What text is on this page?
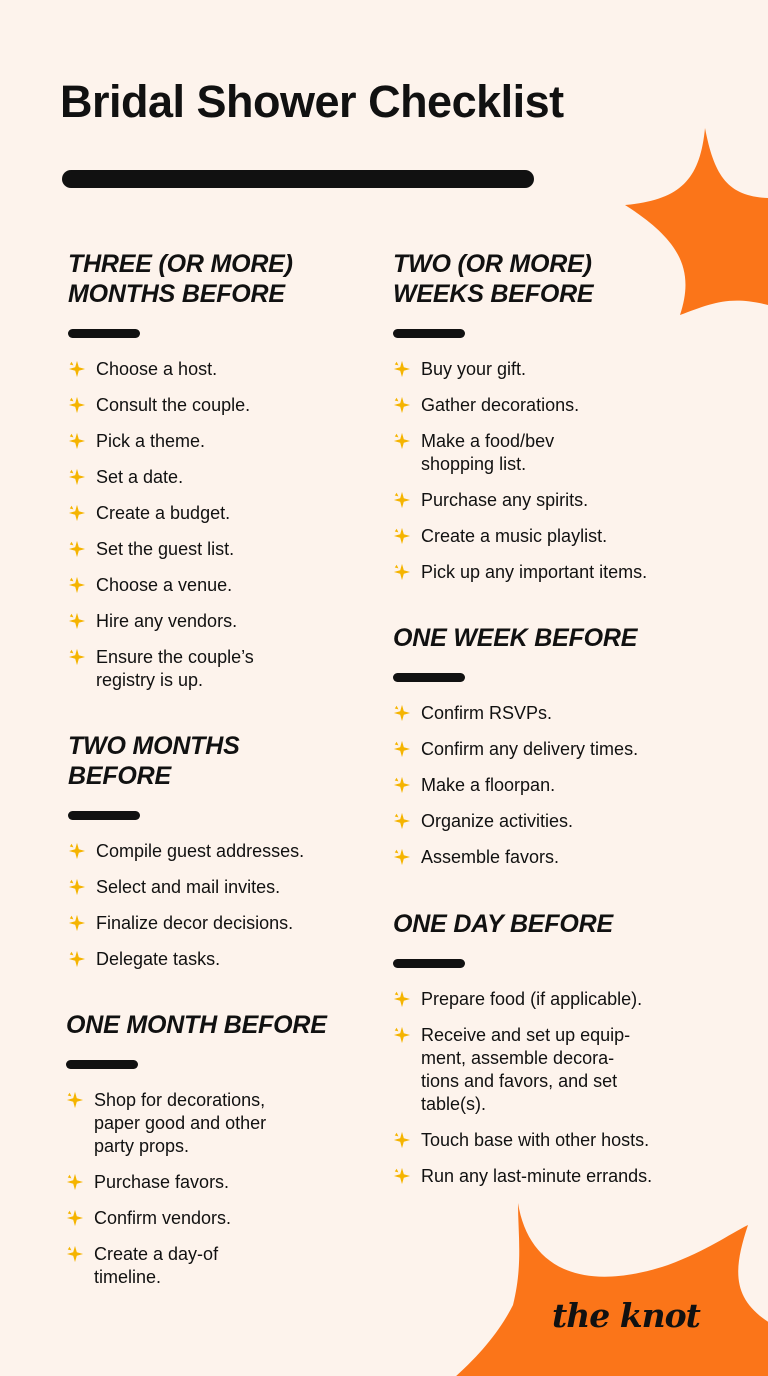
Bridal Shower Checklist
THREE (OR MORE)
MONTHS BEFORE
Choose a host.
Consult the couple.
Pick a theme.
Set a date.
Create a budget.
Set the guest list.
Choose a venue.
Hire any vendors.
Ensure the couple’s
registry is up.
TWO MONTHS
BEFORE
Compile guest addresses.
Select and mail invites.
Finalize decor decisions.
Delegate tasks.
ONE MONTH BEFORE
Shop for decorations,
paper good and other
party props.
Purchase favors.
Confirm vendors.
Create a day-of
timeline.
TWO (OR MORE)
WEEKS BEFORE
Buy your gift.
Gather decorations.
Make a food/bev
shopping list.
Purchase any spirits.
Create a music playlist.
Pick up any important items.
ONE WEEK BEFORE
Confirm RSVPs.
Confirm any delivery times.
Make a floorpan.
Organize activities.
Assemble favors.
ONE DAY BEFORE
Prepare food (if applicable).
Receive and set up equip-
ment, assemble decora-
tions and favors, and set
table(s).
Touch base with other hosts.
Run any last-minute errands.
the knot
